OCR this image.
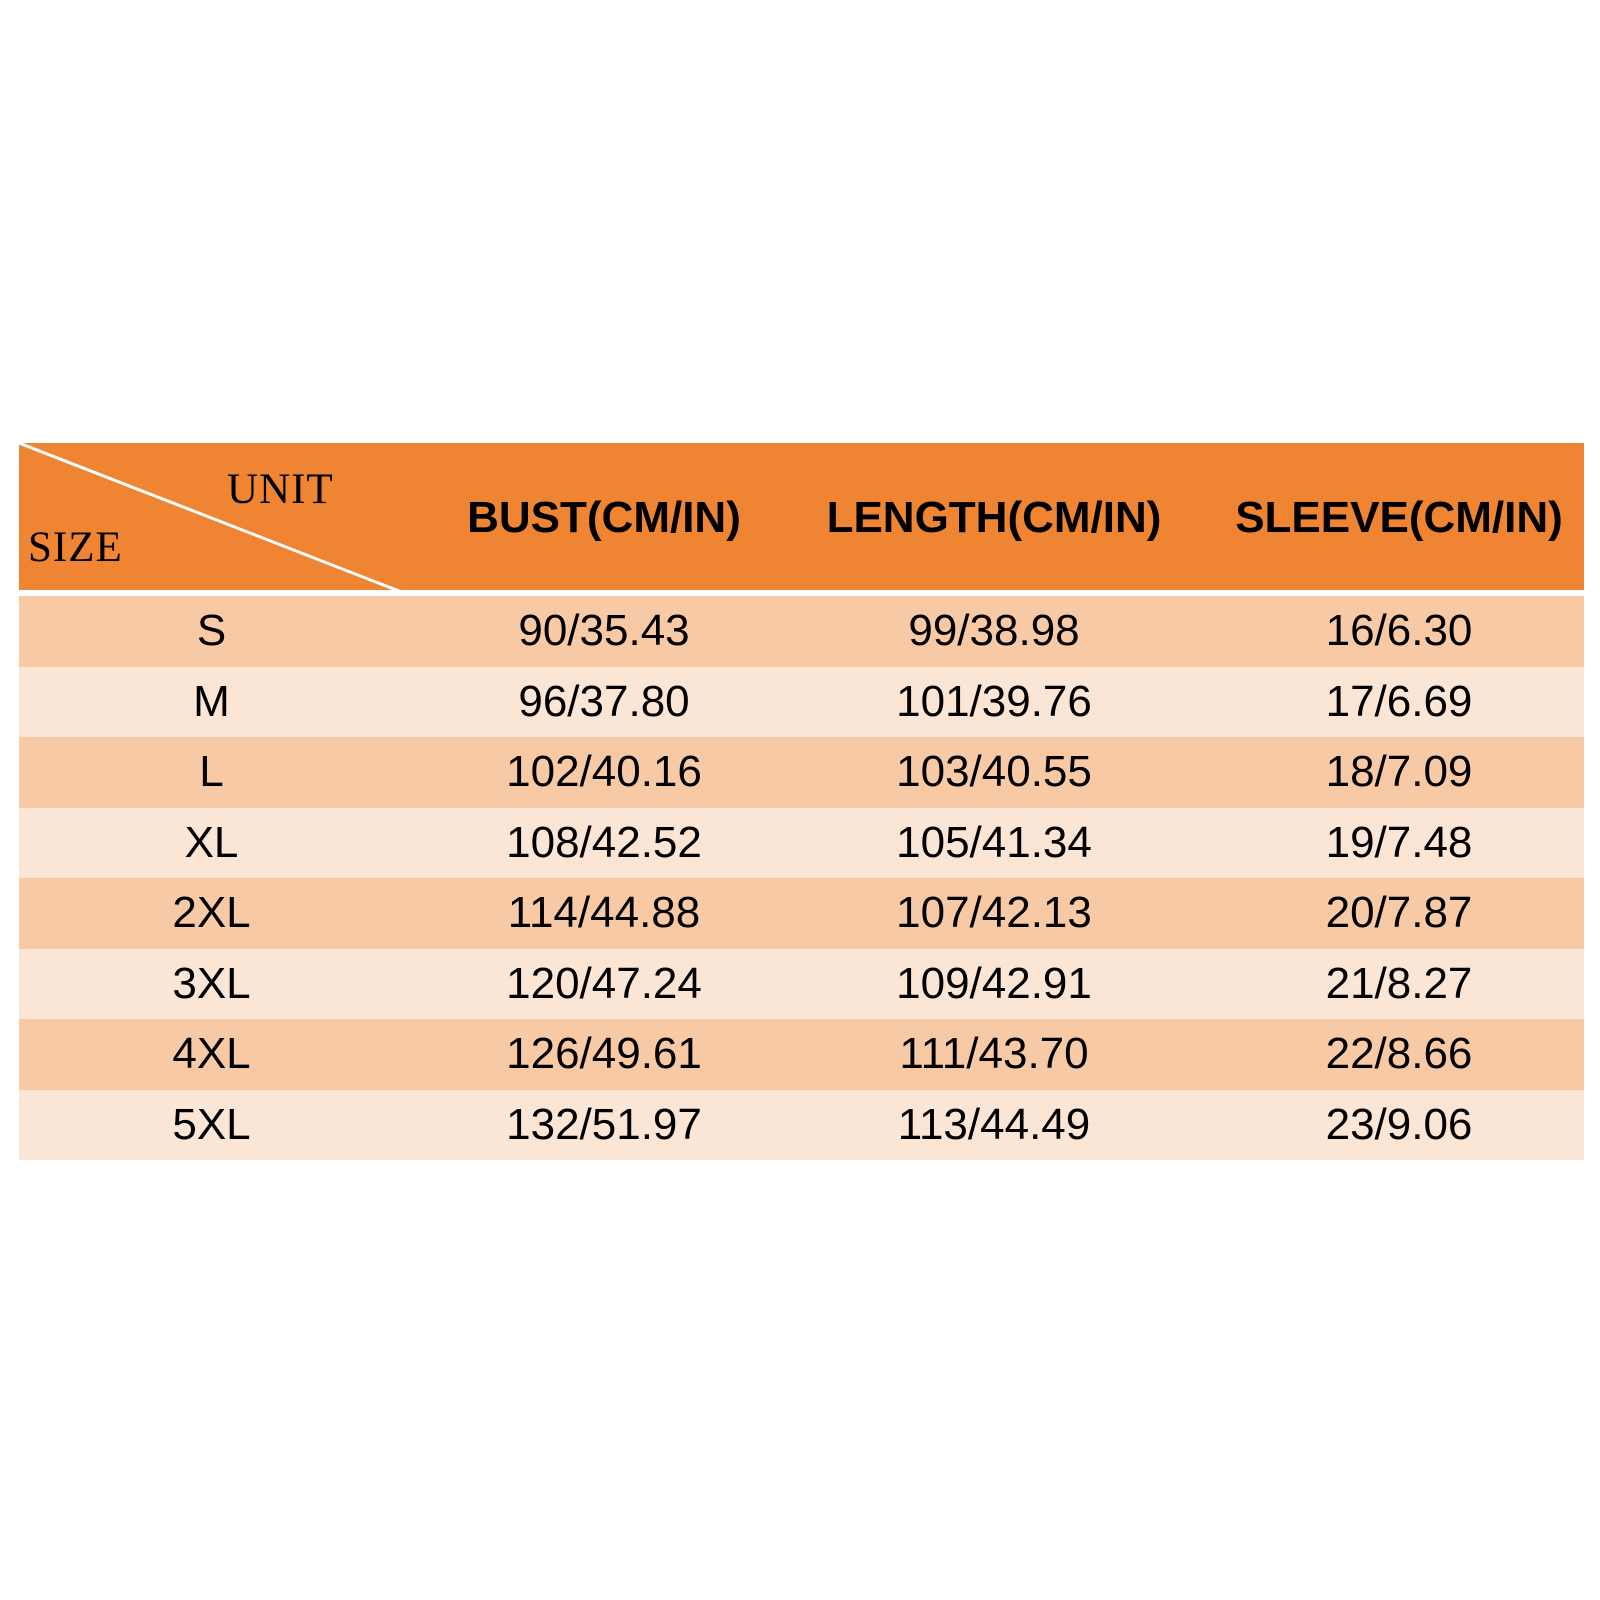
UNIT
SIZE
BUST(CM/IN)	LENGTH(CM/IN)	SLEEVE(CM/IN)
S	90/35.43	99/38.98	16/6.30
M	96/37.80	101/39.76	17/6.69
L	102/40.16	103/40.55	18/7.09
XL	108/42.52	105/41.34	19/7.48
2XL	114/44.88	107/42.13	20/7.87
3XL	120/47.24	109/42.91	21/8.27
4XL	126/49.61	111/43.70	22/8.66
5XL	132/51.97	113/44.49	23/9.06
